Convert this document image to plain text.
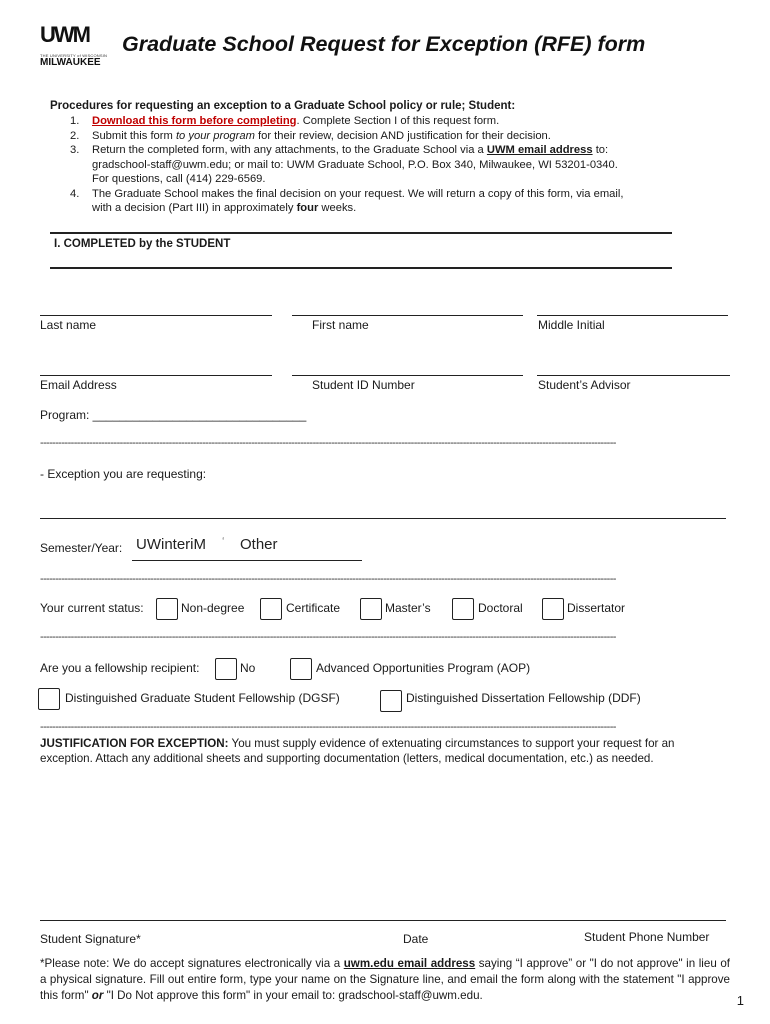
UWM
THE UNIVERSITY of WISCONSIN
MILWAUKEE
Graduate School Request for Exception (RFE) form
Procedures for requesting an exception to a Graduate School policy or rule; Student:
1.	Download this form before completing. Complete Section I of this request form.
2.	Submit this form to your program for their review, decision AND justification for their decision.
3.	Return the completed form, with any attachments, to the Graduate School via a UWM email address to:
gradschool-staff@uwm.edu; or mail to: UWM Graduate School, P.O. Box 340, Milwaukee, WI 53201-0340.
For questions, call (414) 229-6569.
4.	The Graduate School makes the final decision on your request. We will return a copy of this form, via email,
with a decision (Part III) in approximately four weeks.
I. COMPLETED by the STUDENT
Last name	First name	Middle Initial
Email Address	Student ID Number	Student’s Advisor
Program: ________________________________
--------------------------------------------------------------------------------------------------------------------------------------------------------------------------------------------
- Exception you are requesting:
Semester/Year: UWinteriM ʻ Other
--------------------------------------------------------------------------------------------------------------------------------------------------------------------------------------------
Your current status:	Non-degree	Certificate	Master’s	Doctoral	Dissertator
--------------------------------------------------------------------------------------------------------------------------------------------------------------------------------------------
Are you a fellowship recipient:	No	Advanced Opportunities Program (AOP)
Distinguished Graduate Student Fellowship (DGSF)	Distinguished Dissertation Fellowship (DDF)
--------------------------------------------------------------------------------------------------------------------------------------------------------------------------------------------
JUSTIFICATION FOR EXCEPTION: You must supply evidence of extenuating circumstances to support your request for an exception. Attach any additional sheets and supporting documentation (letters, medical documentation, etc.) as needed.
Student Signature*	Date	Student Phone Number
*Please note: We do accept signatures electronically via a uwm.edu email address saying “I approve” or "I do not approve" in lieu of a physical signature. Fill out entire form, type your name on the Signature line, and email the form along with the statement "I approve this form" or "I Do Not approve this form" in your email to: gradschool-staff@uwm.edu.	1
